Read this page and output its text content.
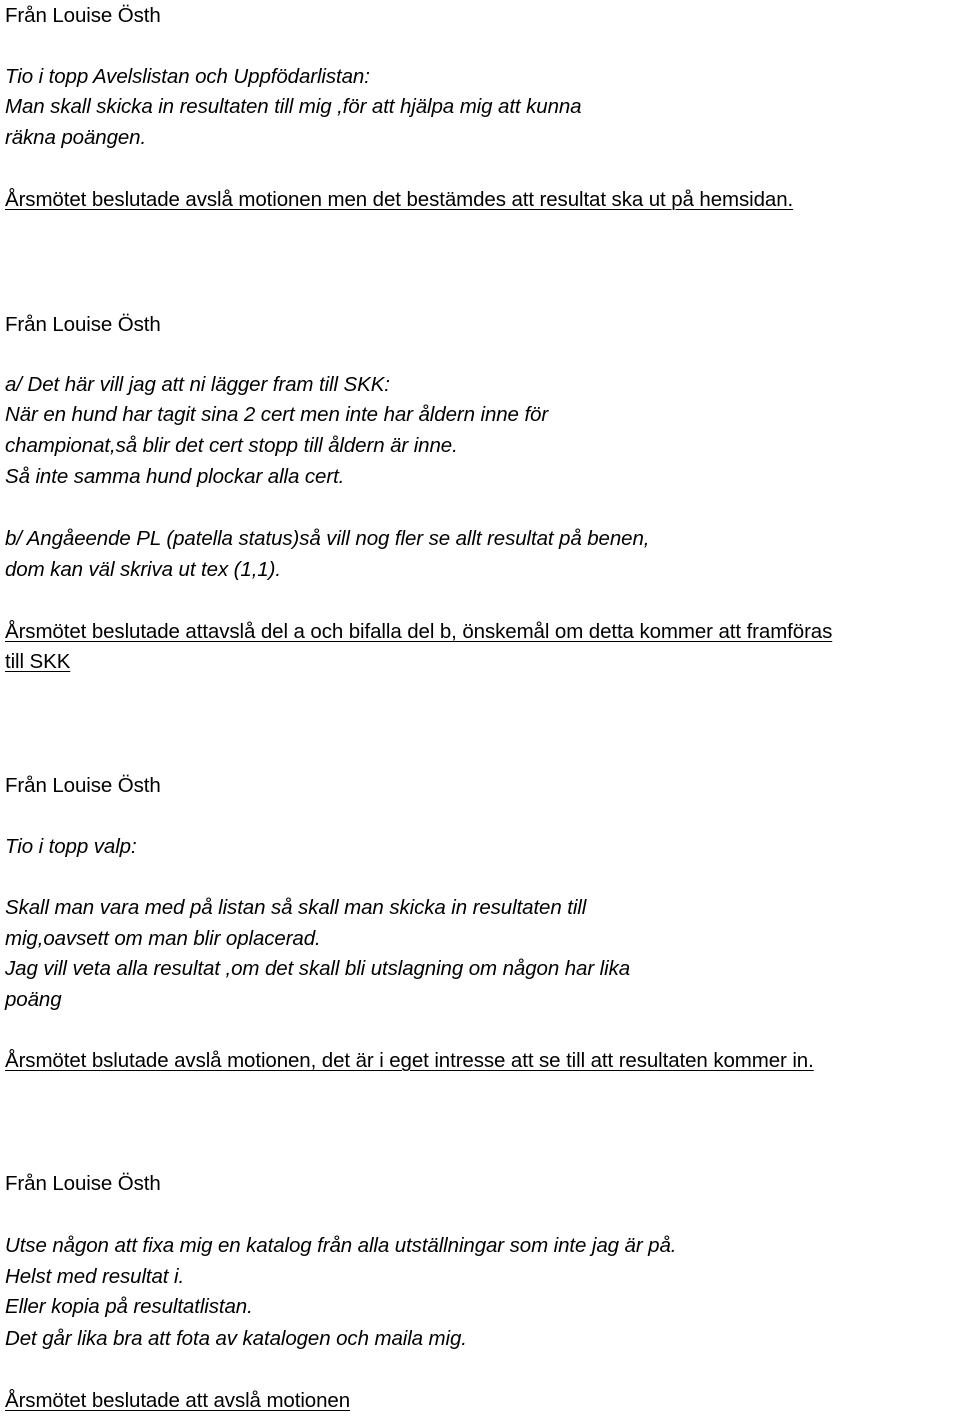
Från Louise Östh
Tio i topp Avelslistan och Uppfödarlistan:
Man skall skicka in resultaten till mig ,för att hjälpa mig att kunna
räkna poängen.
Årsmötet beslutade avslå motionen men det bestämdes att resultat ska ut på hemsidan.
Från Louise Östh
a/ Det här vill jag att ni lägger fram till SKK:
När en hund har tagit sina 2 cert men inte har åldern inne för
championat,så blir det cert stopp till åldern är inne.
Så inte samma hund plockar alla cert.
b/ Angåeende PL (patella status)så vill nog fler se allt resultat på benen,
dom kan väl skriva ut tex (1,1).
Årsmötet beslutade attavslå del a och bifalla del b, önskemål om detta kommer att framföras
till SKK
Från Louise Östh
Tio i topp valp:
Skall man vara med på listan så skall man skicka in resultaten till
mig,oavsett om man blir oplacerad.
Jag vill veta alla resultat ,om det skall bli utslagning om någon har lika
poäng
Årsmötet bslutade avslå motionen, det är i eget intresse att se till att resultaten kommer in.
Från Louise Östh
Utse någon att fixa mig en katalog från alla utställningar som inte jag är på.
Helst med resultat i.
Eller kopia på resultatlistan.
Det går lika bra att fota av katalogen och maila mig.
Årsmötet beslutade att avslå motionen
